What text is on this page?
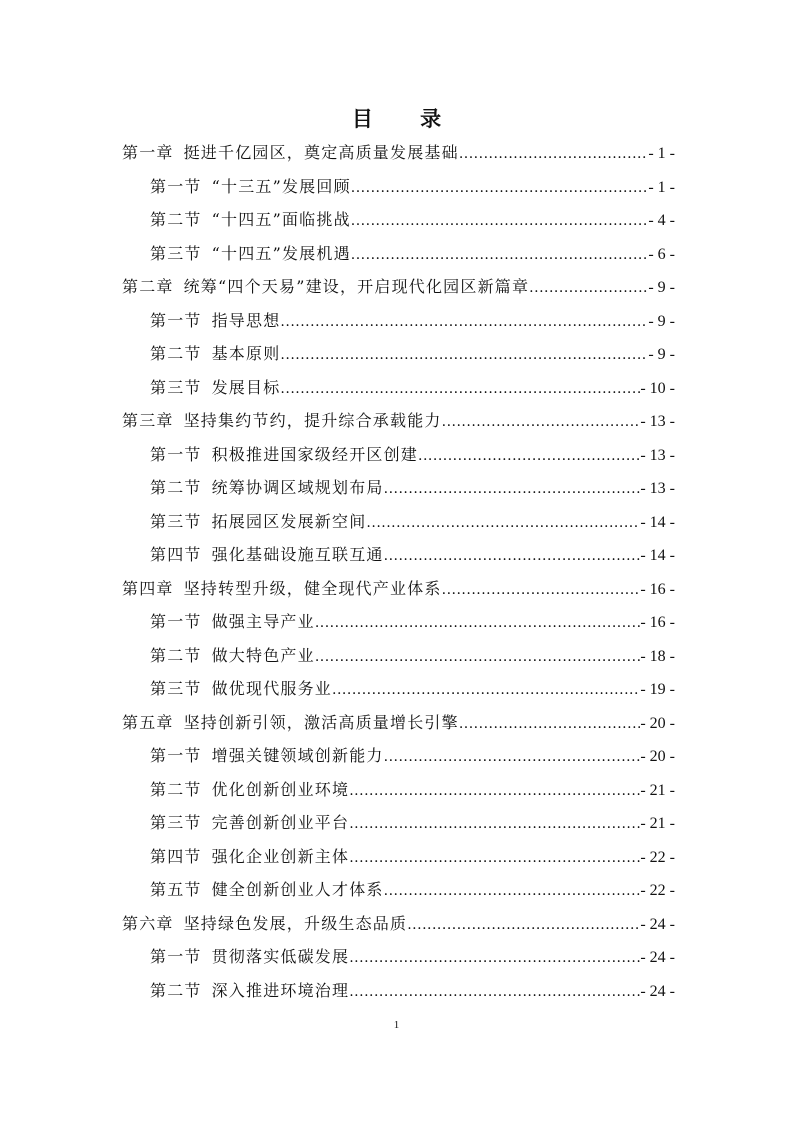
目 录
第一章 挺进千亿园区，奠定高质量发展基础 .....	- 1 -
第一节 “十三五”发展回顾 .....	- 1 -
第二节 “十四五”面临挑战 .....	- 4 -
第三节 “十四五”发展机遇 .....	- 6 -
第二章 统筹“四个天易”建设，开启现代化园区新篇章 .....	- 9 -
第一节 指导思想 .....	- 9 -
第二节 基本原则 .....	- 9 -
第三节 发展目标 .....	- 10 -
第三章 坚持集约节约，提升综合承载能力 .....	- 13 -
第一节 积极推进国家级经开区创建 .....	- 13 -
第二节 统筹协调区域规划布局 .....	- 13 -
第三节 拓展园区发展新空间 .....	- 14 -
第四节 强化基础设施互联互通 .....	- 14 -
第四章 坚持转型升级，健全现代产业体系 .....	- 16 -
第一节 做强主导产业 .....	- 16 -
第二节 做大特色产业 .....	- 18 -
第三节 做优现代服务业 .....	- 19 -
第五章 坚持创新引领，激活高质量增长引擎 .....	- 20 -
第一节 增强关键领域创新能力 .....	- 20 -
第二节 优化创新创业环境 .....	- 21 -
第三节 完善创新创业平台 .....	- 21 -
第四节 强化企业创新主体 .....	- 22 -
第五节 健全创新创业人才体系 .....	- 22 -
第六章 坚持绿色发展，升级生态品质 .....	- 24 -
第一节 贯彻落实低碳发展 .....	- 24 -
第二节 深入推进环境治理 .....	- 24 -
1
